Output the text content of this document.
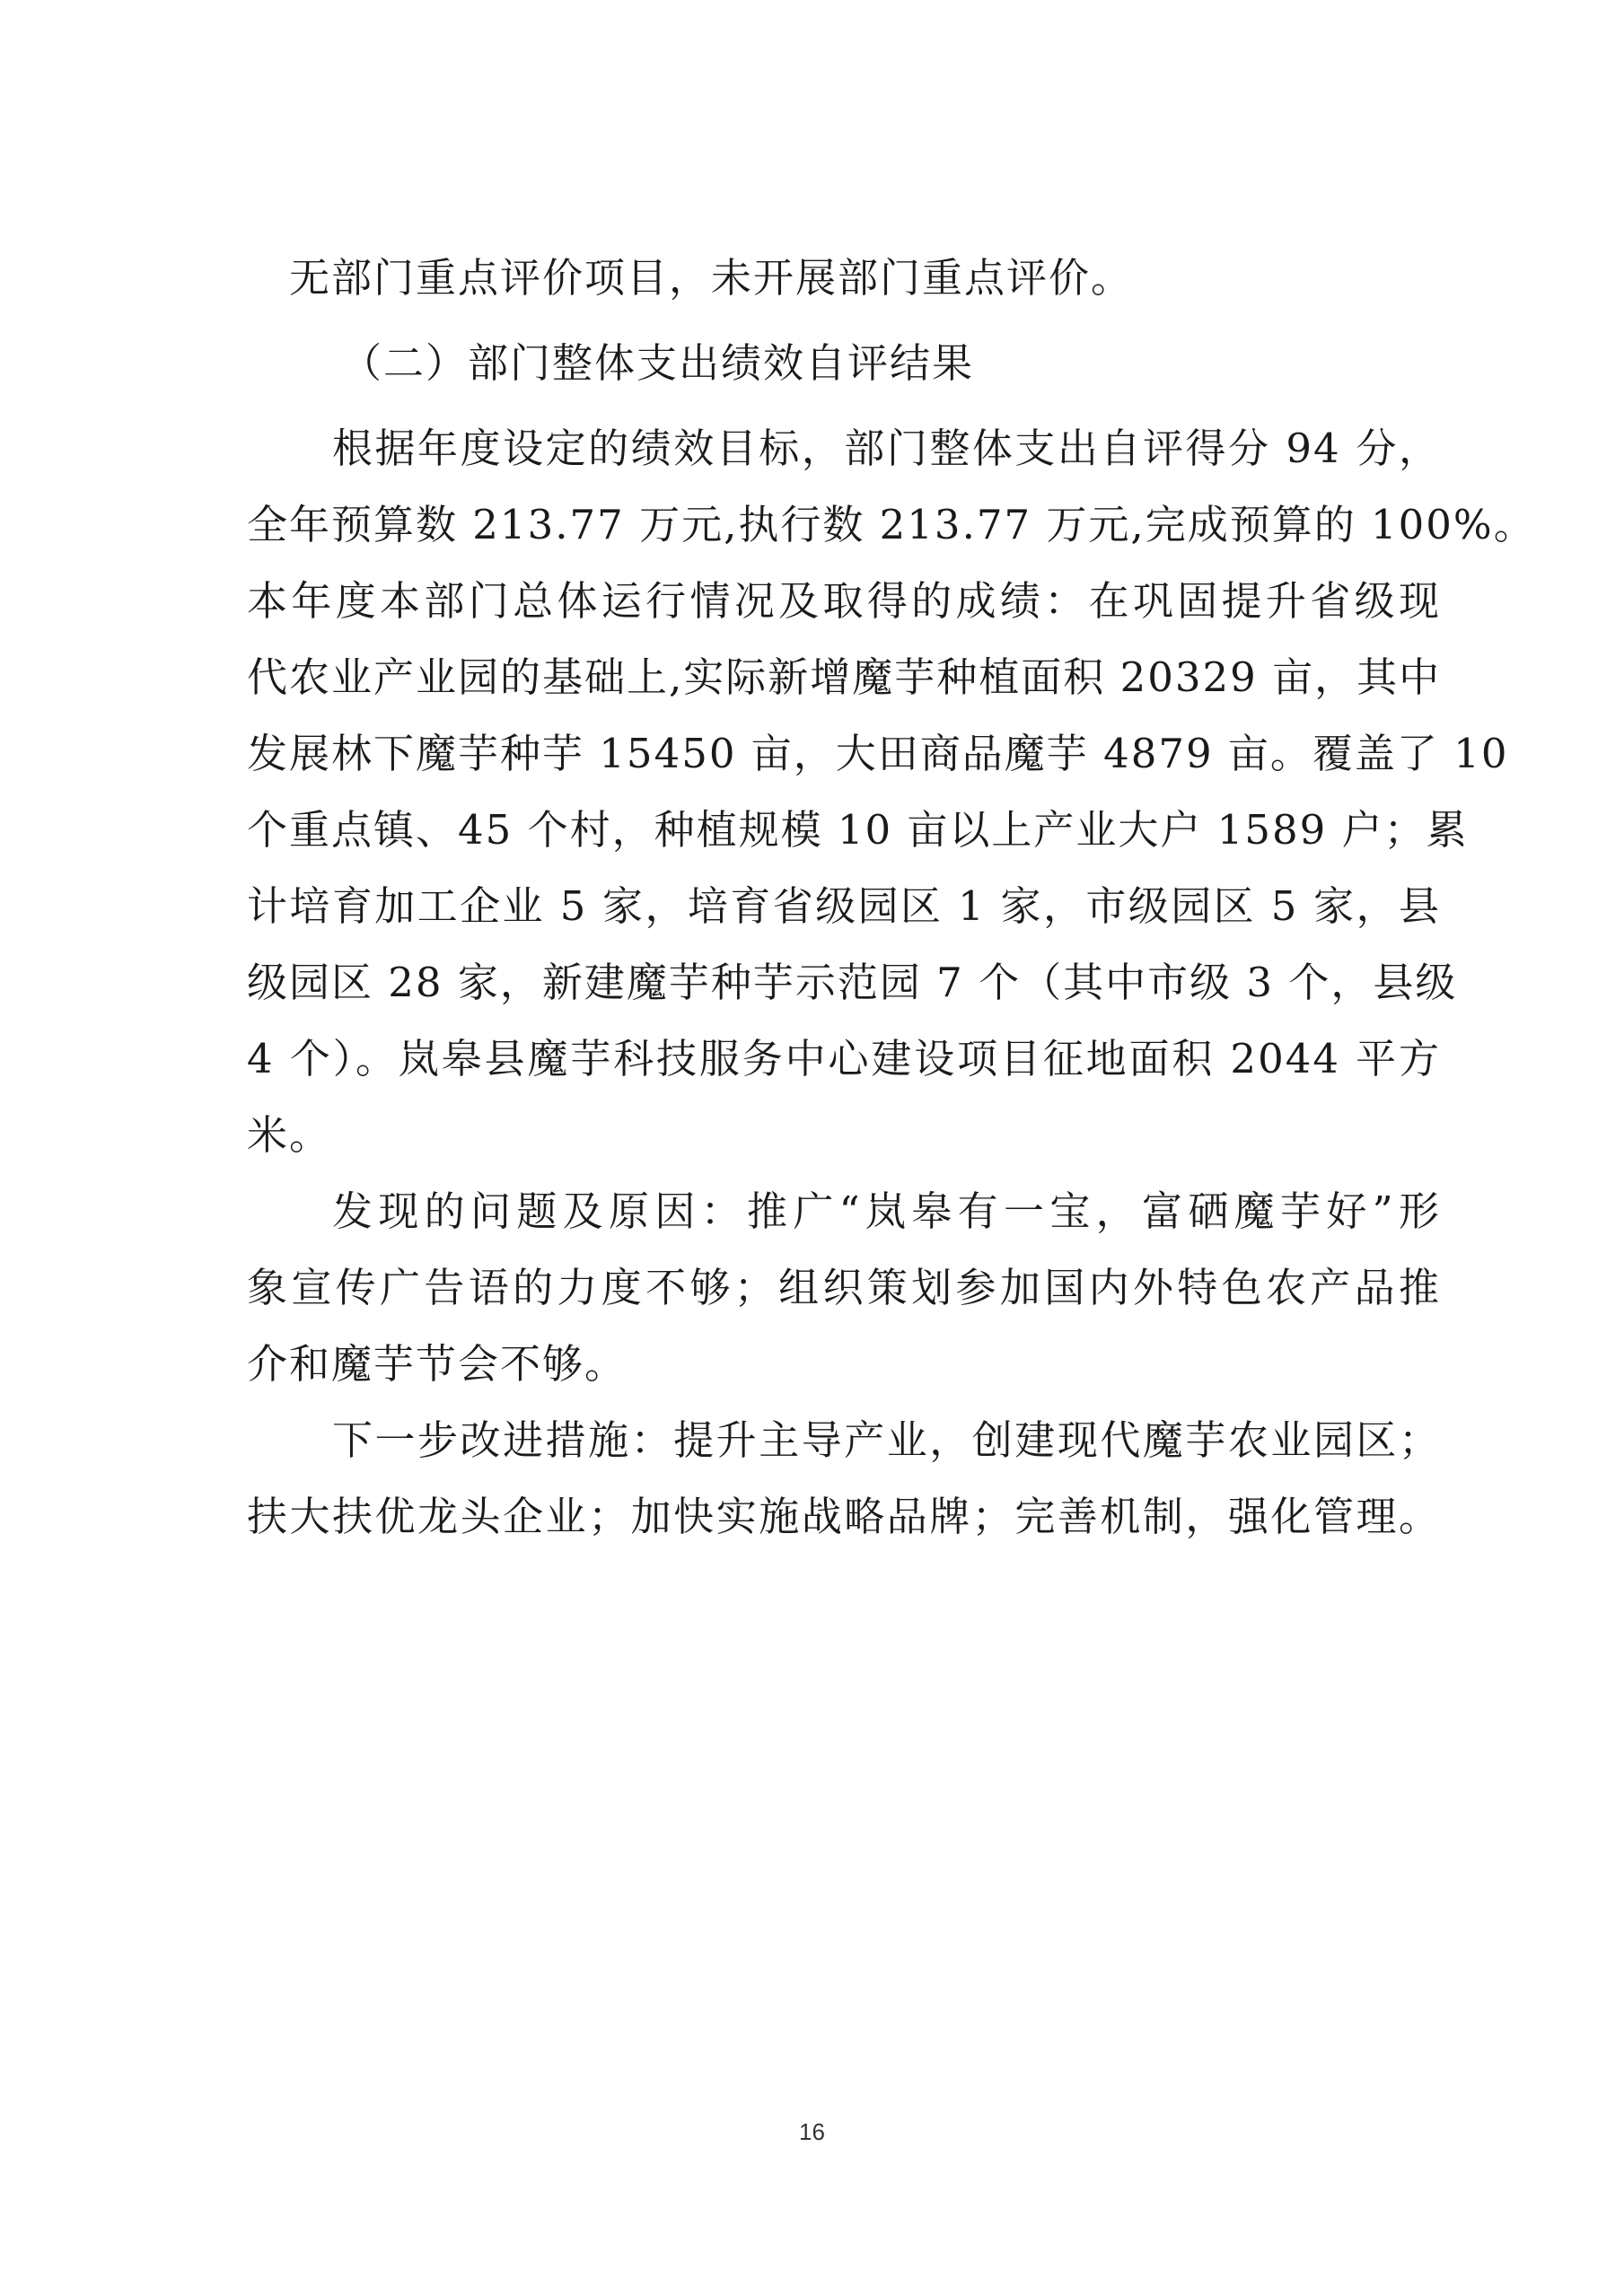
无部门重点评价项目，未开展部门重点评价。
（二）部门整体支出绩效自评结果
根据年度设定的绩效目标，部门整体支出自评得分 94 分，
全年预算数 213.77 万元,执行数 213.77 万元,完成预算的 100%。
本年度本部门总体运行情况及取得的成绩：在巩固提升省级现
代农业产业园的基础上,实际新增魔芋种植面积 20329 亩，其中
发展林下魔芋种芋 15450 亩，大田商品魔芋 4879 亩。覆盖了 10
个重点镇、45 个村，种植规模 10 亩以上产业大户 1589 户；累
计培育加工企业 5 家，培育省级园区 1 家，市级园区 5 家，县
级园区 28 家，新建魔芋种芋示范园 7 个（其中市级 3 个，县级
4 个）。岚皋县魔芋科技服务中心建设项目征地面积 2044 平方
米。
发现的问题及原因：推广“岚皋有一宝，富硒魔芋好”形
象宣传广告语的力度不够；组织策划参加国内外特色农产品推
介和魔芋节会不够。
下一步改进措施：提升主导产业，创建现代魔芋农业园区；
扶大扶优龙头企业；加快实施战略品牌；完善机制，强化管理。
16
